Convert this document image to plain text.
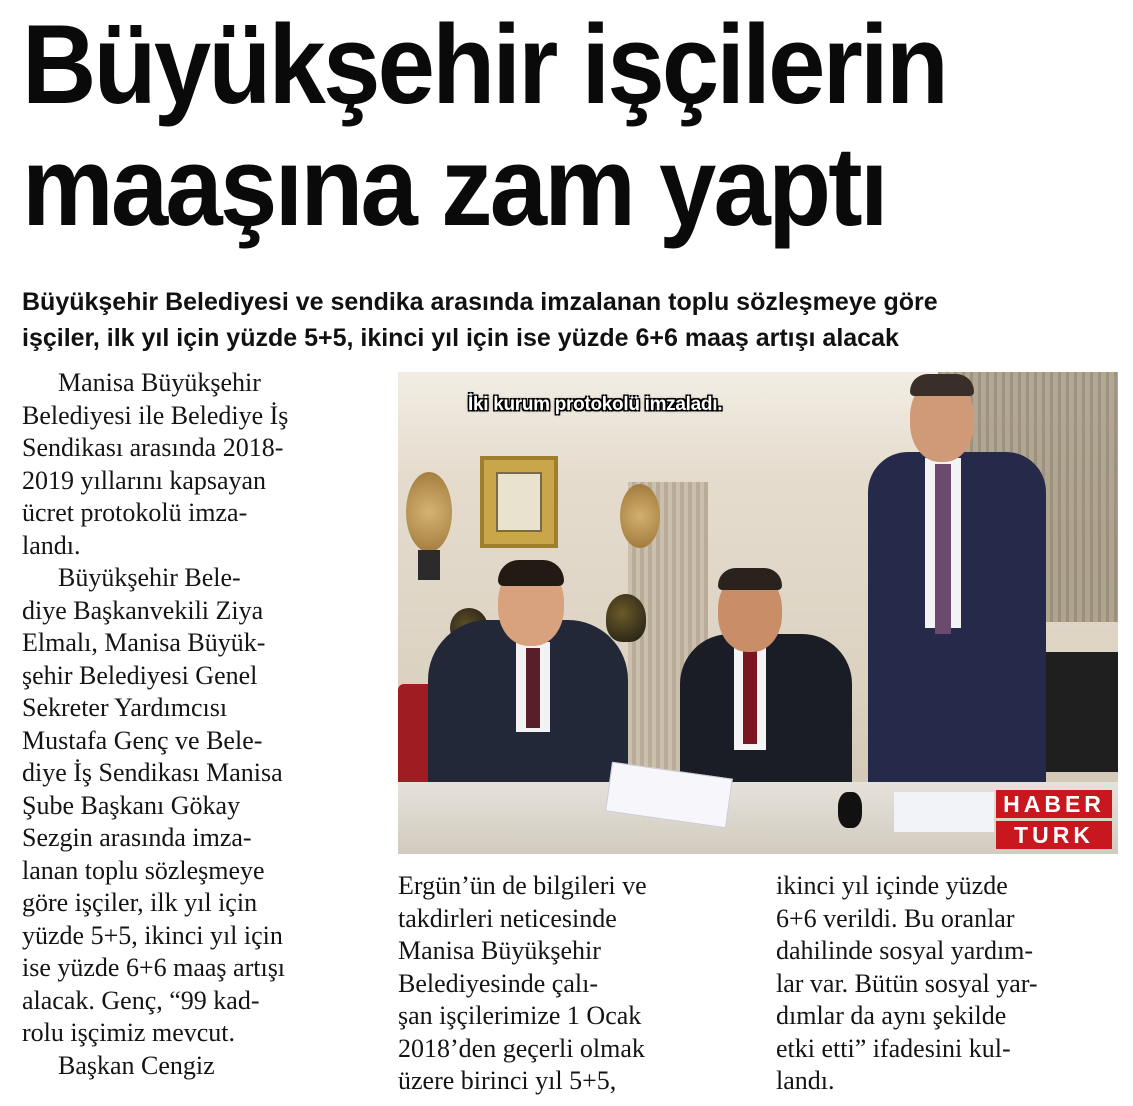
Büyükşehir işçilerin
maaşına zam yaptı

Büyükşehir Belediyesi ve sendika arasında imzalanan toplu sözleşmeye göre
işçiler, ilk yıl için yüzde 5+5, ikinci yıl için ise yüzde 6+6 maaş artışı alacak

Manisa Büyükşehir
Belediyesi ile Belediye İş
Sendikası arasında 2018-
2019 yıllarını kapsayan
ücret protokolü imza-
landı.
Büyükşehir Bele-
diye Başkanvekili Ziya
Elmalı, Manisa Büyük-
şehir Belediyesi Genel
Sekreter Yardımcısı
Mustafa Genç ve Bele-
diye İş Sendikası Manisa
Şube Başkanı Gökay
Sezgin arasında imza-
lanan toplu sözleşmeye
göre işçiler, ilk yıl için
yüzde 5+5, ikinci yıl için
ise yüzde 6+6 maaş artışı
alacak. Genç, “99 kad-
rolu işçimiz mevcut.
Başkan Cengiz
İki kurum protokolü imzaladı.
HABER
TURK
Ergün’ün de bilgileri ve
takdirleri neticesinde
Manisa Büyükşehir
Belediyesinde çalı-
şan işçilerimize 1 Ocak
2018’den geçerli olmak
üzere birinci yıl 5+5,
ikinci yıl içinde yüzde
6+6 verildi. Bu oranlar
dahilinde sosyal yardım-
lar var. Bütün sosyal yar-
dımlar da aynı şekilde
etki etti” ifadesini kul-
landı.
